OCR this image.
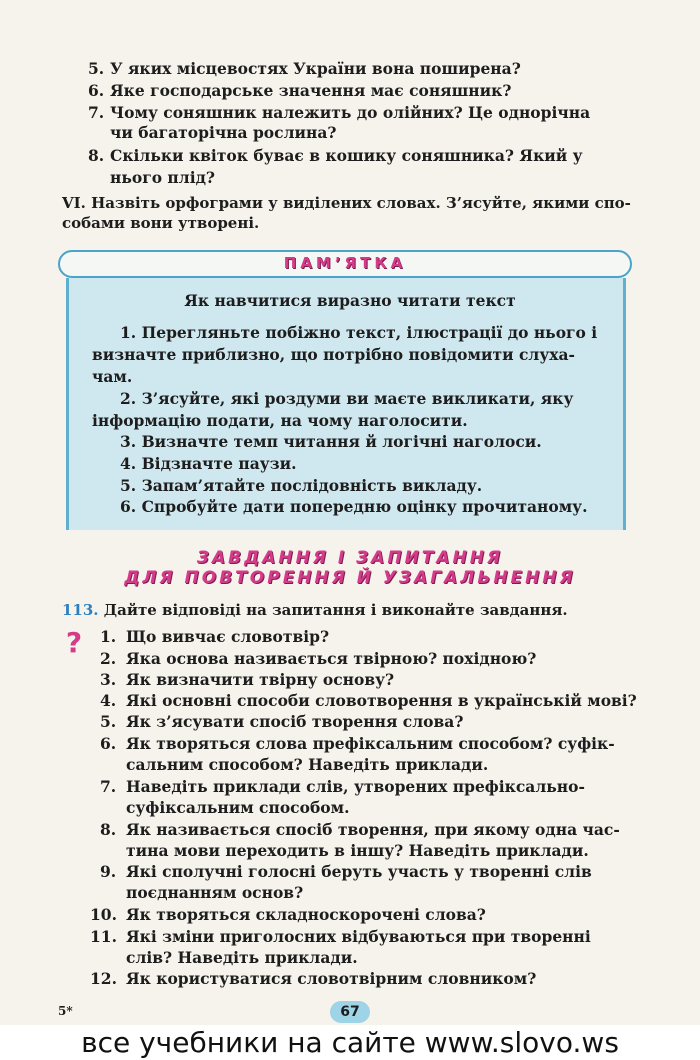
5. У яких місцевостях України вона поширена?
6. Яке господарське значення має соняшник?
7. Чому соняшник належить до олійних? Це однорічна
чи багаторічна рослина?
8. Скільки квіток буває в кошику соняшника? Який у
нього плід?
VI. Назвіть орфограми у виділених словах. З’ясуйте, якими спо-
собами вони утворені.
ПАМ’ЯТКА
Як навчитися виразно читати текст
1. Перегляньте побіжно текст, ілюстрації до нього і
визначте приблизно, що потрібно повідомити слуха-
чам.
2. З’ясуйте, які роздуми ви маєте викликати, яку
інформацію подати, на чому наголосити.
3. Визначте темп читання й логічні наголоси.
4. Відзначте паузи.
5. Запам’ятайте послідовність викладу.
6. Спробуйте дати попередню оцінку прочитаному.
ЗАВДАННЯ І ЗАПИТАННЯ
ДЛЯ ПОВТОРЕННЯ Й УЗАГАЛЬНЕННЯ
113. Дайте відповіді на запитання і виконайте завдання.
? 1. Що вивчає словотвір?
2. Яка основа називається твірною? похідною?
3. Як визначити твірну основу?
4. Які основні способи словотворення в українській мові?
5. Як з’ясувати спосіб творення слова?
6. Як творяться слова префіксальним способом? суфік-
сальним способом? Наведіть приклади.
7. Наведіть приклади слів, утворених префіксально-
суфіксальним способом.
8. Як називається спосіб творення, при якому одна час-
тина мови переходить в іншу? Наведіть приклади.
9. Які сполучні голосні беруть участь у творенні слів
поєднанням основ?
10. Як творяться складноскорочені слова?
11. Які зміни приголосних відбуваються при творенні
слів? Наведіть приклади.
12. Як користуватися словотвірним словником?
5*	67
все учебники на сайте www.slovo.ws
